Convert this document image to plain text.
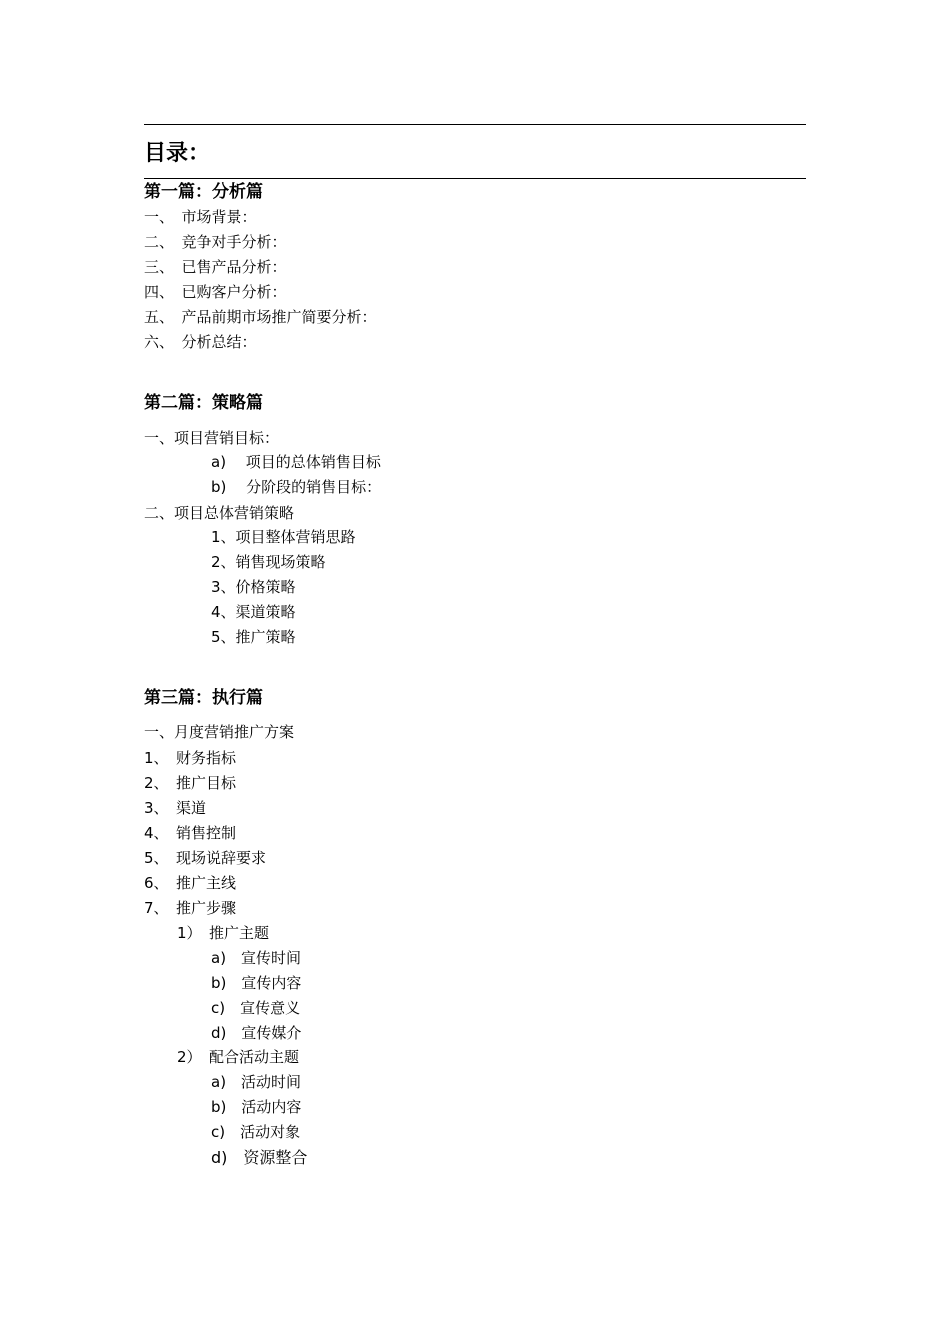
目录：
第一篇：分析篇
一、　市场背景：
二、　竞争对手分析：
三、　已售产品分析：
四、　已购客户分析：
五、　产品前期市场推广简要分析：
六、　分析总结：
第二篇：策略篇
一、项目营销目标：
a)　 项目的总体销售目标
b)　 分阶段的销售目标：
二、项目总体营销策略
1、项目整体营销思路
2、销售现场策略
3、价格策略
4、渠道策略
5、推广策略
第三篇：执行篇
一、月度营销推广方案
1、　财务指标
2、　推广目标
3、　渠道
4、　销售控制
5、　现场说辞要求
6、　推广主线
7、　推广步骤
1）　推广主题
a)　宣传时间
b)　宣传内容
c)　宣传意义
d)　宣传媒介
2）　配合活动主题
a)　活动时间
b)　活动内容
c)　活动对象
d)　资源整合
